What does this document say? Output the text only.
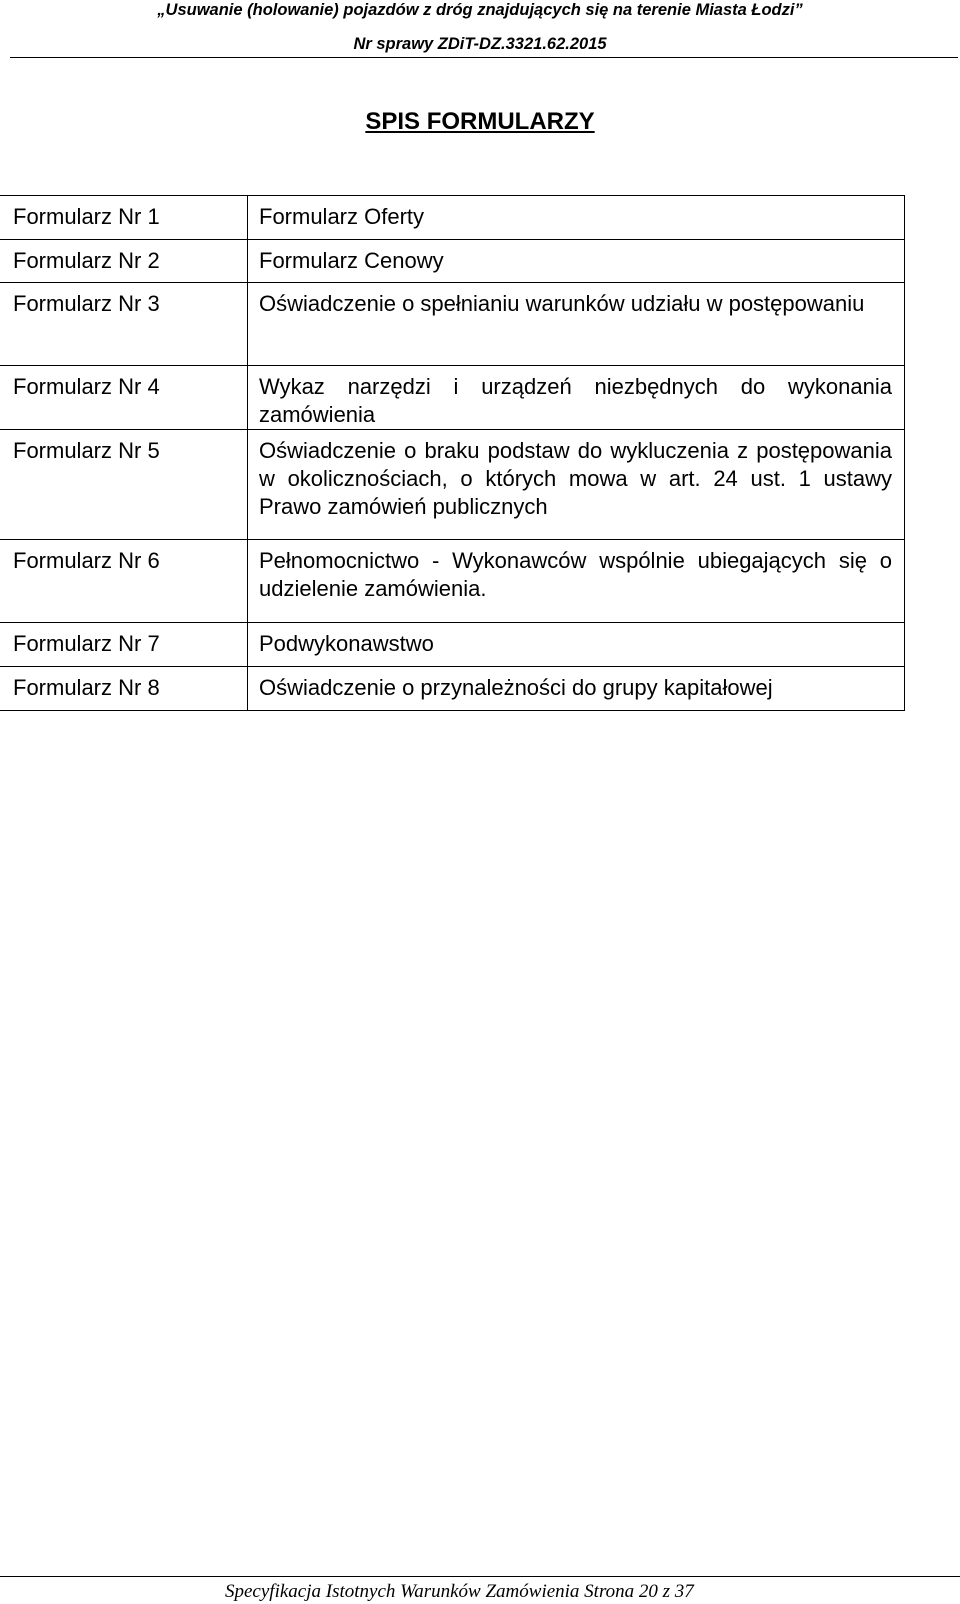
„Usuwanie (holowanie) pojazdów z dróg znajdujących się na terenie Miasta Łodzi”
Nr sprawy ZDiT-DZ.3321.62.2015
SPIS FORMULARZY
Formularz Nr 1	Formularz Oferty
Formularz Nr 2	Formularz Cenowy
Formularz Nr 3	Oświadczenie o spełnianiu warunków udziału w postępowaniu

Formularz Nr 4	Wykaz narzędzi i urządzeń niezbędnych do wykonania zamówienia

Formularz Nr 5	Oświadczenie o braku podstaw do wykluczenia z postępowania w okolicznościach, o których mowa w art. 24 ust. 1 ustawy Prawo zamówień publicznych

Formularz Nr 6	Pełnomocnictwo - Wykonawców wspólnie ubiegających się o udzielenie zamówienia.

Formularz Nr 7	Podwykonawstwo
Formularz Nr 8	Oświadczenie o przynależności do grupy kapitałowej
Specyfikacja Istotnych Warunków Zamówienia Strona 20 z 37
